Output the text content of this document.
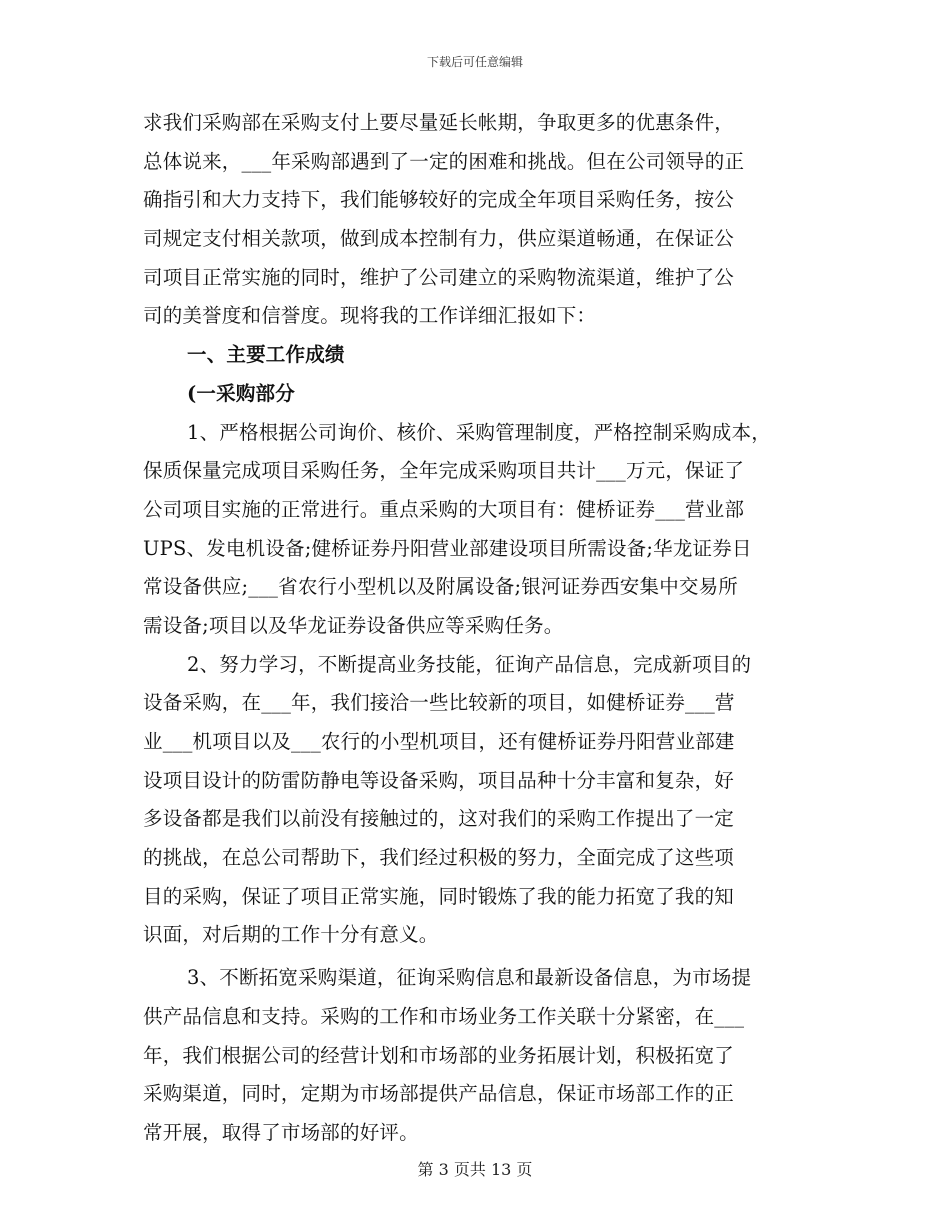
下载后可任意编辑
求我们采购部在采购支付上要尽量延长帐期，争取更多的优惠条件，
总体说来，___年采购部遇到了一定的困难和挑战。但在公司领导的正
确指引和大力支持下，我们能够较好的完成全年项目采购任务，按公
司规定支付相关款项，做到成本控制有力，供应渠道畅通，在保证公
司项目正常实施的同时，维护了公司建立的采购物流渠道，维护了公
司的美誉度和信誉度。现将我的工作详细汇报如下：
一、主要工作成绩
(一采购部分
1、严格根据公司询价、核价、采购管理制度，严格控制采购成本，
保质保量完成项目采购任务，全年完成采购项目共计___万元，保证了
公司项目实施的正常进行。重点采购的大项目有：健桥证券___营业部
UPS、发电机设备;健桥证券丹阳营业部建设项目所需设备;华龙证券日
常设备供应;___省农行小型机以及附属设备;银河证券西安集中交易所
需设备;项目以及华龙证券设备供应等采购任务。
2、努力学习，不断提高业务技能，征询产品信息，完成新项目的
设备采购，在___年，我们接洽一些比较新的项目，如健桥证券___营
业___机项目以及___农行的小型机项目，还有健桥证券丹阳营业部建
设项目设计的防雷防静电等设备采购，项目品种十分丰富和复杂，好
多设备都是我们以前没有接触过的，这对我们的采购工作提出了一定
的挑战，在总公司帮助下，我们经过积极的努力，全面完成了这些项
目的采购，保证了项目正常实施，同时锻炼了我的能力拓宽了我的知
识面，对后期的工作十分有意义。
3、不断拓宽采购渠道，征询采购信息和最新设备信息，为市场提
供产品信息和支持。采购的工作和市场业务工作关联十分紧密，在___
年，我们根据公司的经营计划和市场部的业务拓展计划，积极拓宽了
采购渠道，同时，定期为市场部提供产品信息，保证市场部工作的正
常开展，取得了市场部的好评。
第 3 页共 13 页
